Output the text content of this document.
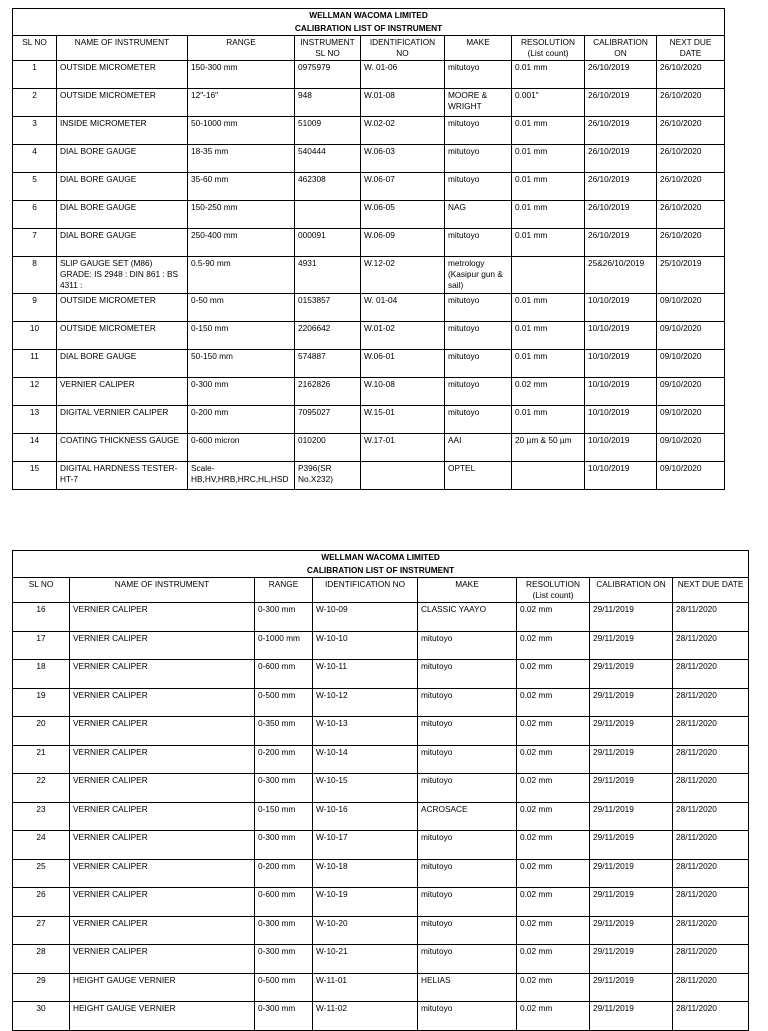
WELLMAN WACOMA LIMITED								
CALIBRATION LIST OF INSTRUMENT								
SL NO	NAME OF INSTRUMENT	RANGE	INSTRUMENT SL NO	IDENTIFICATION NO	MAKE	RESOLUTION (List count)	CALIBRATION ON	NEXT DUE DATE
1	OUTSIDE MICROMETER	150-300 mm	0975979	W. 01-06	mitutoyo	0.01 mm	26/10/2019	26/10/2020
2	OUTSIDE MICROMETER	12"-16"	948	W.01-08	MOORE & WRIGHT	0.001"	26/10/2019	26/10/2020
3	INSIDE MICROMETER	50-1000 mm	51009	W.02-02	mitutoyo	0.01 mm	26/10/2019	26/10/2020
4	DIAL BORE GAUGE	18-35 mm	540444	W.06-03	mitutoyo	0.01 mm	26/10/2019	26/10/2020
5	DIAL BORE GAUGE	35-60 mm	462308	W.06-07	mitutoyo	0.01 mm	26/10/2019	26/10/2020
6	DIAL BORE GAUGE	150-250 mm		W.06-05	NAG	0.01 mm	26/10/2019	26/10/2020
7	DIAL BORE GAUGE	250-400 mm	000091	W.06-09	mitutoyo	0.01 mm	26/10/2019	26/10/2020
8	SLIP GAUGE SET (M86) GRADE: IS 2948 : DIN 861 : BS 4311 :	0.5-90 mm	4931	W.12-02	metrology (Kasipur gun & sail)		25&26/10/2019	25/10/2019
9	OUTSIDE MICROMETER	0-50 mm	0153857	W. 01-04	mitutoyo	0.01 mm	10/10/2019	09/10/2020
10	OUTSIDE MICROMETER	0-150 mm	2206642	W.01-02	mitutoyo	0.01 mm	10/10/2019	09/10/2020
11	DIAL BORE GAUGE	50-150 mm	574887	W.06-01	mitutoyo	0.01 mm	10/10/2019	09/10/2020
12	VERNIER CALIPER	0-300 mm	2162826	W.10-08	mitutoyo	0.02 mm	10/10/2019	09/10/2020
13	DIGITAL VERNIER CALIPER	0-200 mm	7095027	W.15-01	mitutoyo	0.01 mm	10/10/2019	09/10/2020
14	COATING THICKNESS GAUGE	0-600 micron	010200	W.17-01	AAI	20 µm & 50 µm	10/10/2019	09/10/2020
15	DIGITAL HARDNESS TESTER- HT-7	Scale- HB,HV,HRB,HRC,HL,HSD	P396(SR No.X232)		OPTEL		10/10/2019	09/10/2020
WELLMAN WACOMA LIMITED							
CALIBRATION LIST OF INSTRUMENT							
SL NO	NAME OF INSTRUMENT	RANGE	IDENTIFICATION NO	MAKE	RESOLUTION (List count)	CALIBRATION ON	NEXT DUE DATE
16	VERNIER CALIPER	0-300 mm	W-10-09	CLASSIC YAAYO	0.02 mm	29/11/2019	28/11/2020
17	VERNIER CALIPER	0-1000 mm	W-10-10	mitutoyo	0.02 mm	29/11/2019	28/11/2020
18	VERNIER CALIPER	0-600 mm	W-10-11	mitutoyo	0.02 mm	29/11/2019	28/11/2020
19	VERNIER CALIPER	0-500 mm	W-10-12	mitutoyo	0.02 mm	29/11/2019	28/11/2020
20	VERNIER CALIPER	0-350 mm	W-10-13	mitutoyo	0.02 mm	29/11/2019	28/11/2020
21	VERNIER CALIPER	0-200 mm	W-10-14	mitutoyo	0.02 mm	29/11/2019	28/11/2020
22	VERNIER CALIPER	0-300 mm	W-10-15	mitutoyo	0.02 mm	29/11/2019	28/11/2020
23	VERNIER CALIPER	0-150 mm	W-10-16	ACROSACE	0.02 mm	29/11/2019	28/11/2020
24	VERNIER CALIPER	0-300 mm	W-10-17	mitutoyo	0.02 mm	29/11/2019	28/11/2020
25	VERNIER CALIPER	0-200 mm	W-10-18	mitutoyo	0.02 mm	29/11/2019	28/11/2020
26	VERNIER CALIPER	0-600 mm	W-10-19	mitutoyo	0.02 mm	29/11/2019	28/11/2020
27	VERNIER CALIPER	0-300 mm	W-10-20	mitutoyo	0.02 mm	29/11/2019	28/11/2020
28	VERNIER CALIPER	0-300 mm	W-10-21	mitutoyo	0.02 mm	29/11/2019	28/11/2020
29	HEIGHT GAUGE VERNIER	0-500 mm	W-11-01	HELIAS	0.02 mm	29/11/2019	28/11/2020
30	HEIGHT GAUGE VERNIER	0-300 mm	W-11-02	mitutoyo	0.02 mm	29/11/2019	28/11/2020
